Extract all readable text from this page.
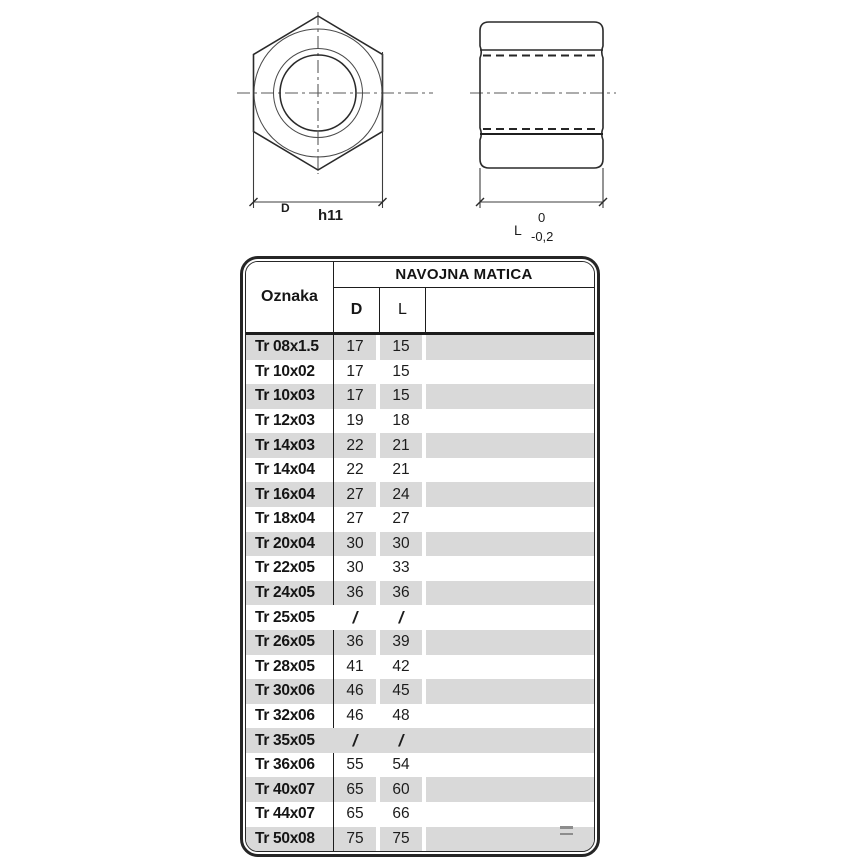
D h11
L
0
-0,2
Oznaka
NAVOJNA MATICA
D	L
Tr 08x1.5	17	15
Tr 10x02	17	15
Tr 10x03	17	15
Tr 12x03	19	18
Tr 14x03	22	21
Tr 14x04	22	21
Tr 16x04	27	24
Tr 18x04	27	27
Tr 20x04	30	30
Tr 22x05	30	33
Tr 24x05	36	36
Tr 25x05	/	/
Tr 26x05	36	39
Tr 28x05	41	42
Tr 30x06	46	45
Tr 32x06	46	48
Tr 35x05	/	/
Tr 36x06	55	54
Tr 40x07	65	60
Tr 44x07	65	66
Tr 50x08	75	75
